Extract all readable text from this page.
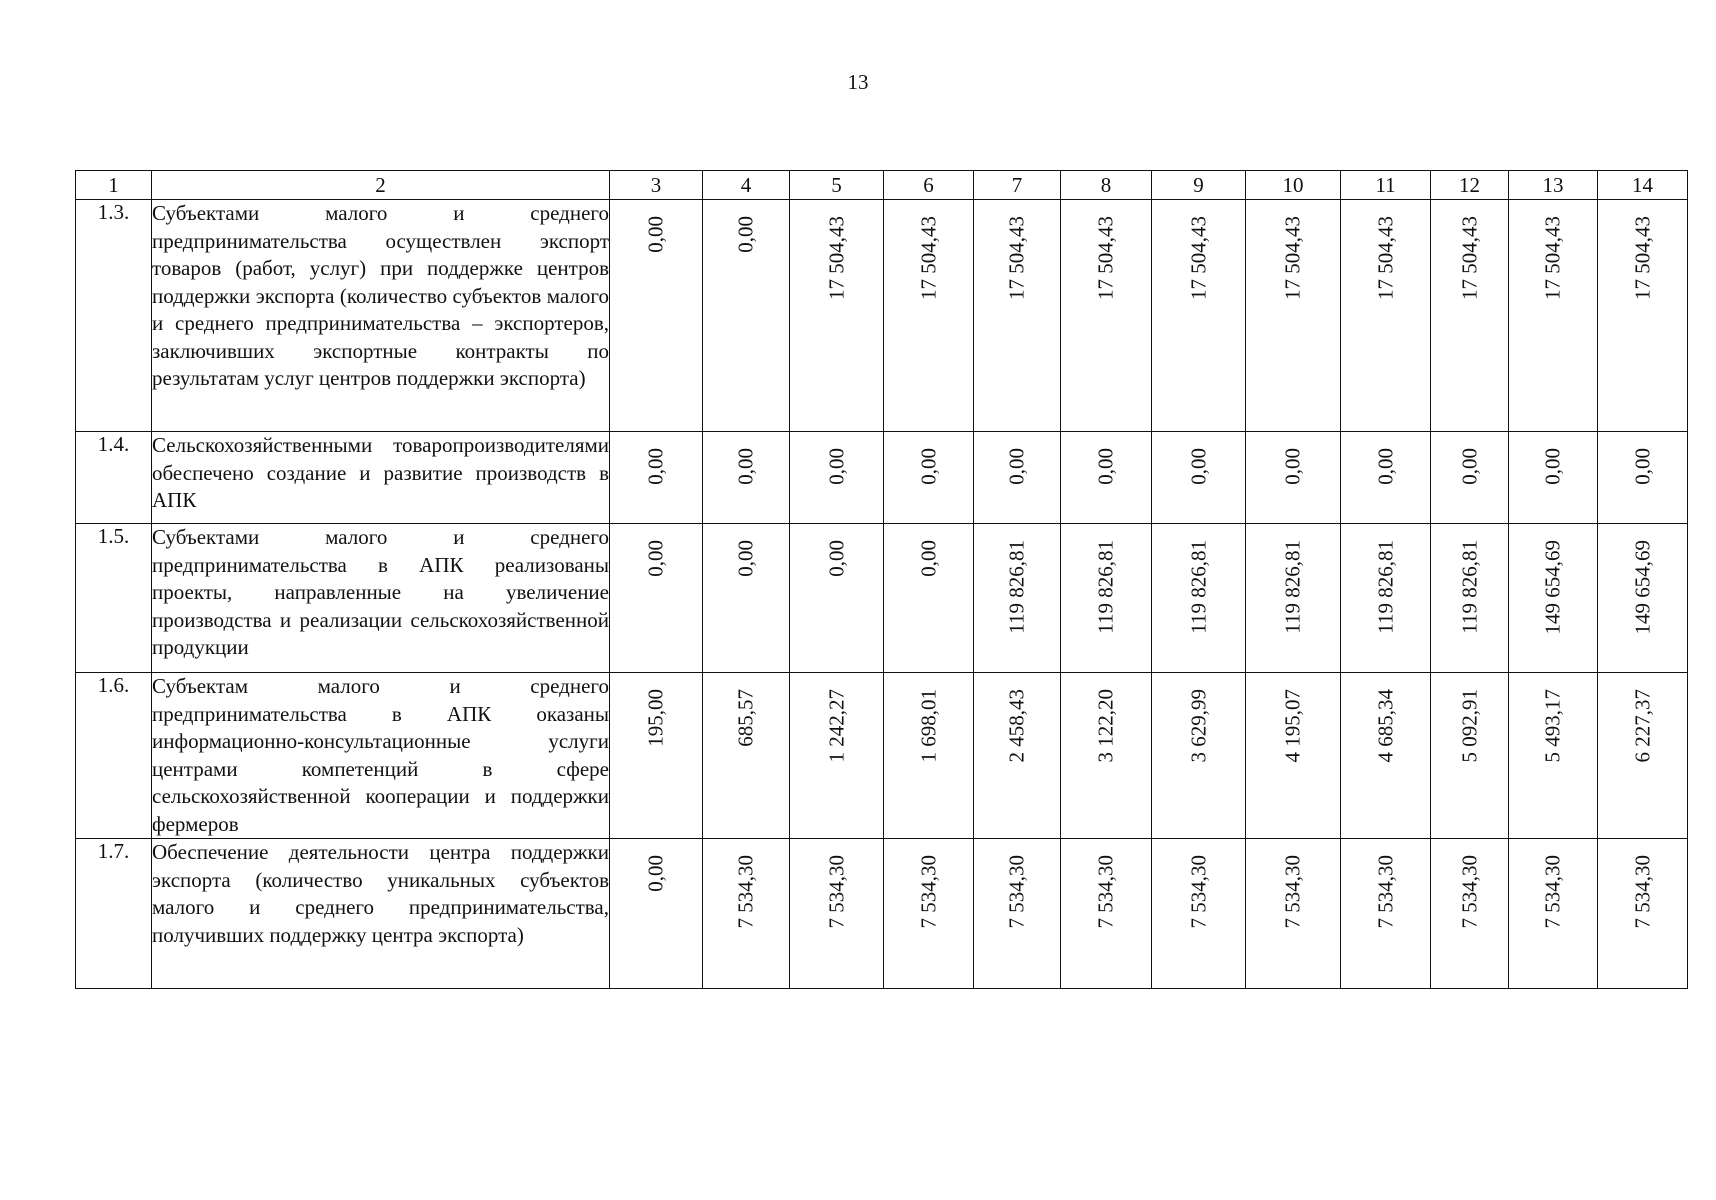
13
1	2	3	4	5	6	7	8	9	10	11	12	13	14
1.3.	Субъектами малого и среднего предпринимательства осуществлен экспорт товаров (работ, услуг) при поддержке центров поддержки экспорта (количество субъектов малого и среднего предпринимательства – экспортеров, заключивших экспортные контракты по результатам услуг центров поддержки экспорта)	0,00	0,00	17 504,43	17 504,43	17 504,43	17 504,43	17 504,43	17 504,43	17 504,43	17 504,43	17 504,43	17 504,43

1.4.	Сельскохозяйственными товаропроизводителями обеспечено создание и развитие производств в АПК	0,00	0,00	0,00	0,00	0,00	0,00	0,00	0,00	0,00	0,00	0,00	0,00

1.5.	Субъектами малого и среднего предпринимательства в АПК реализованы проекты, направленные на увеличение производства и реализации сельскохозяйственной продукции	0,00	0,00	0,00	0,00	119 826,81	119 826,81	119 826,81	119 826,81	119 826,81	119 826,81	149 654,69	149 654,69

1.6.	Субъектам малого и среднего предпринимательства в АПК оказаны информационно-консультационные услуги центрами компетенций в сфере сельскохозяйственной кооперации и поддержки фермеров	195,00	685,57	1 242,27	1 698,01	2 458,43	3 122,20	3 629,99	4 195,07	4 685,34	5 092,91	5 493,17	6 227,37

1.7.	Обеспечение деятельности центра поддержки экспорта (количество уникальных субъектов малого и среднего предпринимательства, получивших поддержку центра экспорта)	0,00	7 534,30	7 534,30	7 534,30	7 534,30	7 534,30	7 534,30	7 534,30	7 534,30	7 534,30	7 534,30	7 534,30
